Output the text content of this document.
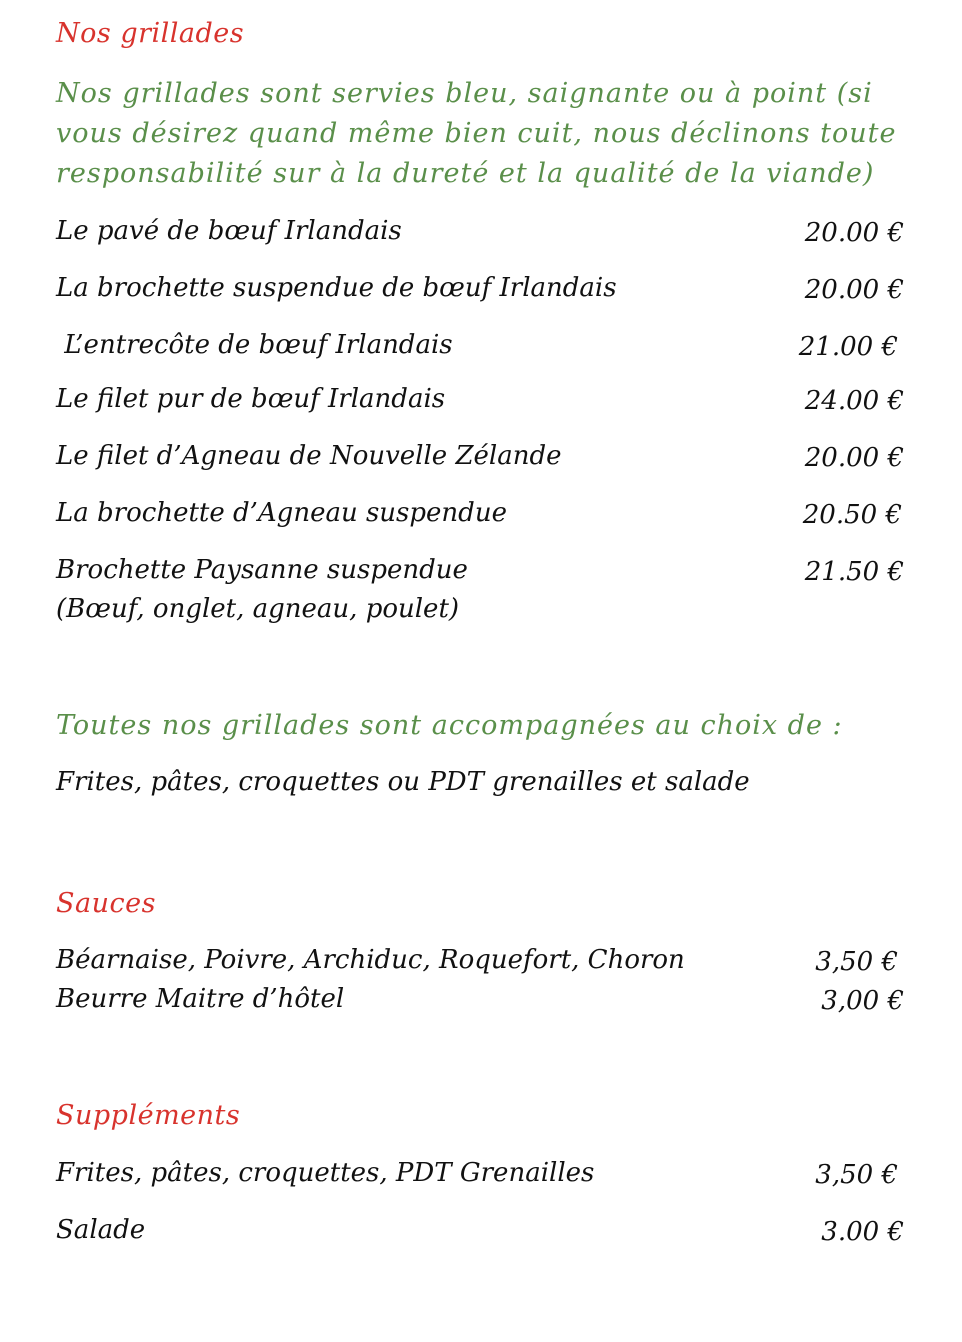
Nos grillades
Nos grillades sont servies bleu, saignante ou à point (si
vous désirez quand même bien cuit, nous déclinons toute
responsabilité sur à la dureté et la qualité de la viande)
Le pavé de bœuf Irlandais	20.00 €
La brochette suspendue de bœuf Irlandais	20.00 €
L’entrecôte de bœuf Irlandais	21.00 €
Le filet pur de bœuf Irlandais	24.00 €
Le filet d’Agneau de Nouvelle Zélande	20.00 €
La brochette d’Agneau suspendue	20.50 €
Brochette Paysanne suspendue	21.50 €
(Bœuf, onglet, agneau, poulet)
Toutes nos grillades sont accompagnées au choix de :
Frites, pâtes, croquettes ou PDT grenailles et salade
Sauces
Béarnaise, Poivre, Archiduc, Roquefort, Choron	3,50 €
Beurre Maitre d’hôtel	3,00 €
Suppléments
Frites, pâtes, croquettes, PDT Grenailles	3,50 €
Salade	3.00 €
